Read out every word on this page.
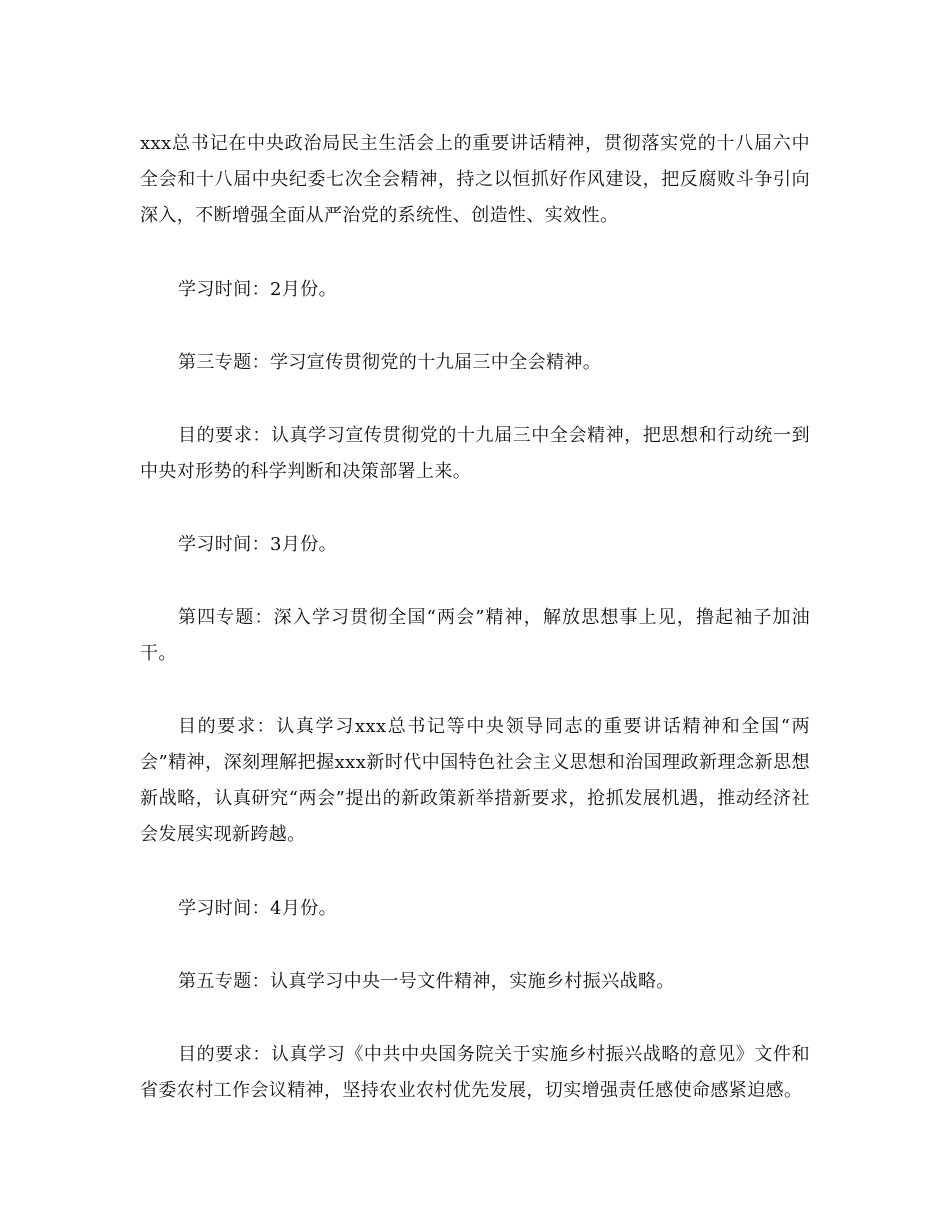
xxx总书记在中央政治局民主生活会上的重要讲话精神，贯彻落实党的十八届六中全会和十八届中央纪委七次全会精神，持之以恒抓好作风建设，把反腐败斗争引向深入，不断增强全面从严治党的系统性、创造性、实效性。

学习时间：2月份。

第三专题：学习宣传贯彻党的十九届三中全会精神。

目的要求：认真学习宣传贯彻党的十九届三中全会精神，把思想和行动统一到中央对形势的科学判断和决策部署上来。

学习时间：3月份。

第四专题：深入学习贯彻全国“两会”精神，解放思想事上见，撸起袖子加油干。

目的要求：认真学习xxx总书记等中央领导同志的重要讲话精神和全国“两会”精神，深刻理解把握xxx新时代中国特色社会主义思想和治国理政新理念新思想新战略，认真研究“两会”提出的新政策新举措新要求，抢抓发展机遇，推动经济社会发展实现新跨越。

学习时间：4月份。

第五专题：认真学习中央一号文件精神，实施乡村振兴战略。

目的要求：认真学习《中共中央国务院关于实施乡村振兴战略的意见》文件和省委农村工作会议精神，坚持农业农村优先发展，切实增强责任感使命感紧迫感。
